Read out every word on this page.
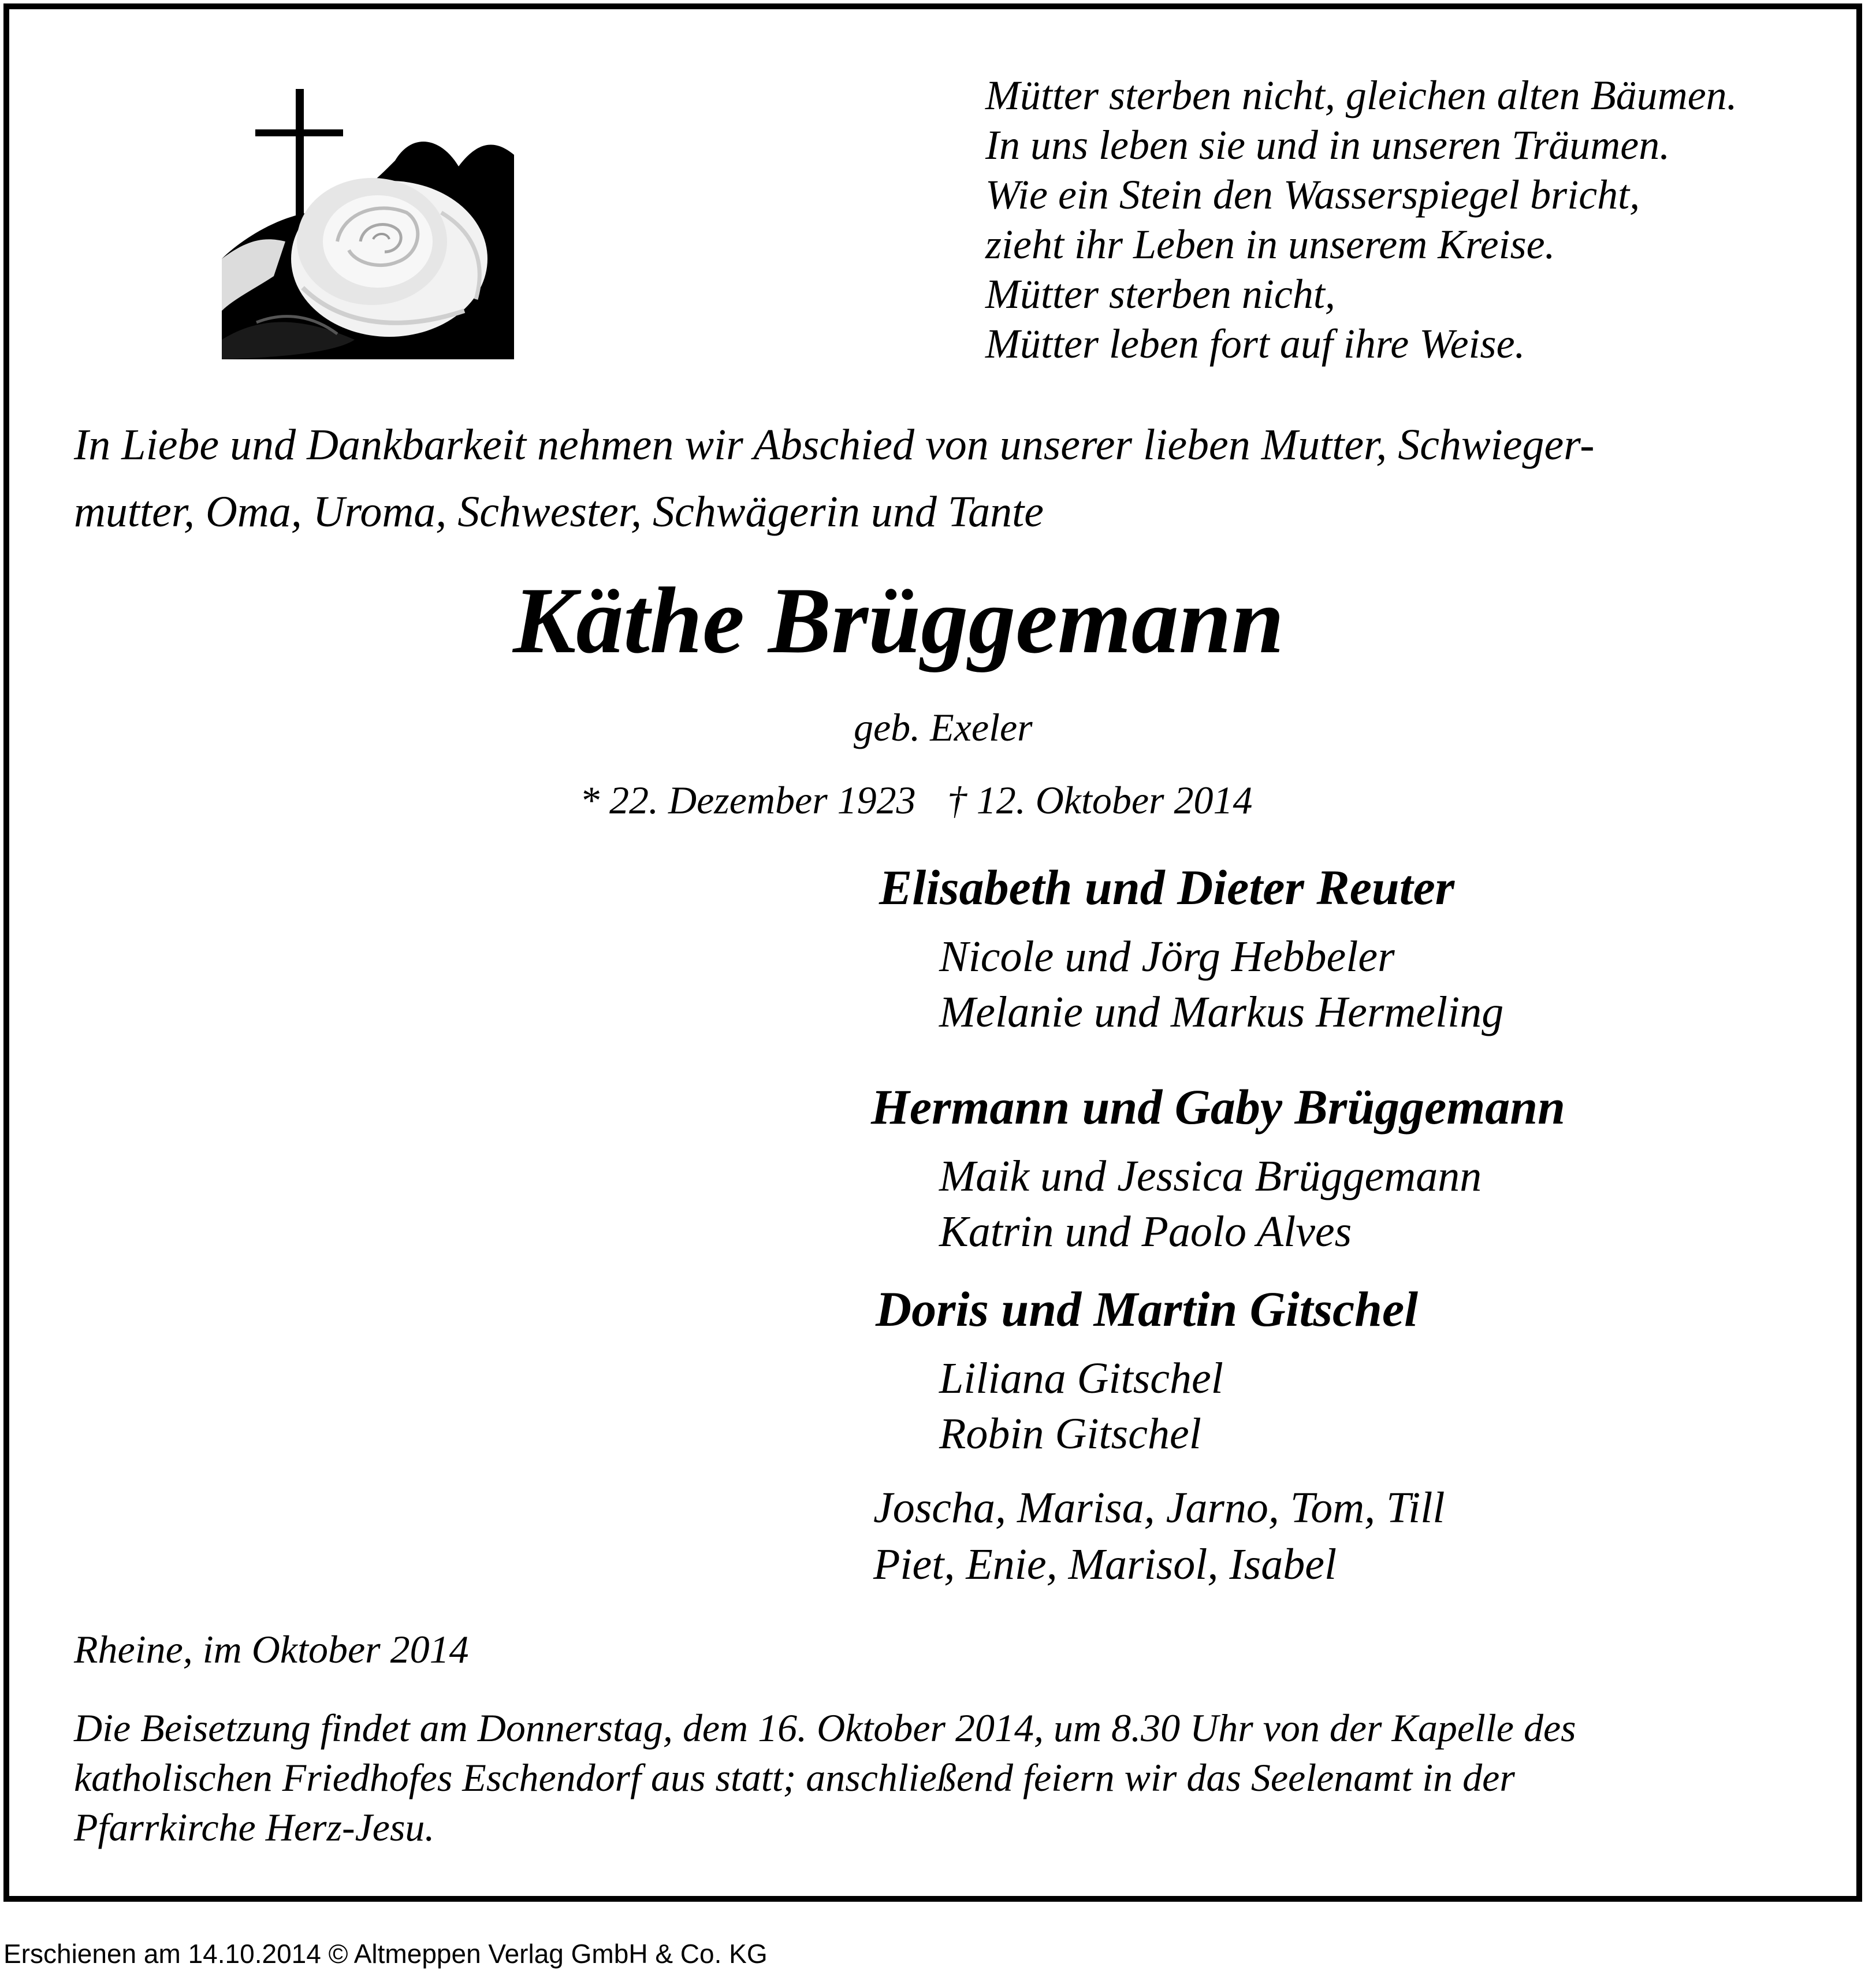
Mütter sterben nicht, gleichen alten Bäumen.
In uns leben sie und in unseren Träumen.
Wie ein Stein den Wasserspiegel bricht,
zieht ihr Leben in unserem Kreise.
Mütter sterben nicht,
Mütter leben fort auf ihre Weise.
In Liebe und Dankbarkeit nehmen wir Abschied von unserer lieben Mutter, Schwieger-
mutter, Oma, Uroma, Schwester, Schwägerin und Tante

Käthe Brüggemann

geb. Exeler

* 22. Dezember 1923 † 12. Oktober 2014

Elisabeth und Dieter Reuter
Nicole und Jörg Hebbeler
Melanie und Markus Hermeling
Hermann und Gaby Brüggemann
Maik und Jessica Brüggemann
Katrin und Paolo Alves
Doris und Martin Gitschel
Liliana Gitschel
Robin Gitschel
Joscha, Marisa, Jarno, Tom, Till
Piet, Enie, Marisol, Isabel

Rheine, im Oktober 2014

Die Beisetzung findet am Donnerstag, dem 16. Oktober 2014, um 8.30 Uhr von der Kapelle des
katholischen Friedhofes Eschendorf aus statt; anschließend feiern wir das Seelenamt in der
Pfarrkirche Herz-Jesu.

Erschienen am 14.10.2014 © Altmeppen Verlag GmbH & Co. KG
